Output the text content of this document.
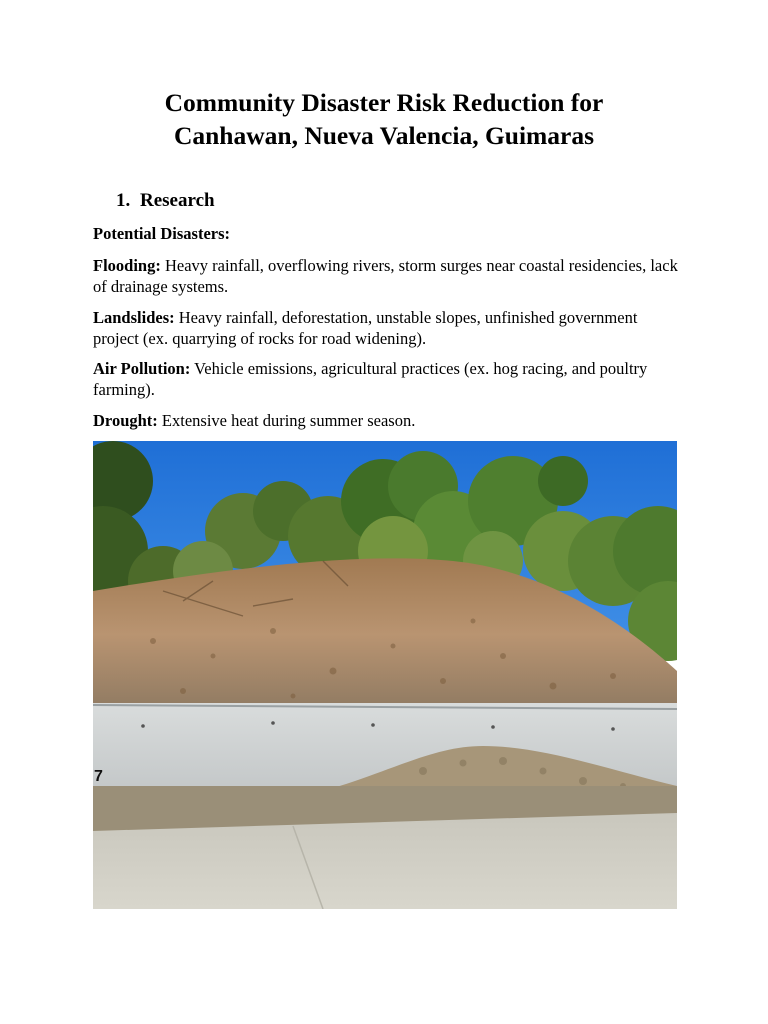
Community Disaster Risk Reduction for
Canhawan, Nueva Valencia, Guimaras
1. Research

Potential Disasters:

Flooding: Heavy rainfall, overflowing rivers, storm surges near coastal residencies, lack of drainage systems.

Landslides: Heavy rainfall, deforestation, unstable slopes, unfinished government project (ex. quarrying of rocks for road widening).

Air Pollution: Vehicle emissions, agricultural practices (ex. hog racing, and poultry farming).

Drought: Extensive heat during summer season.

7
